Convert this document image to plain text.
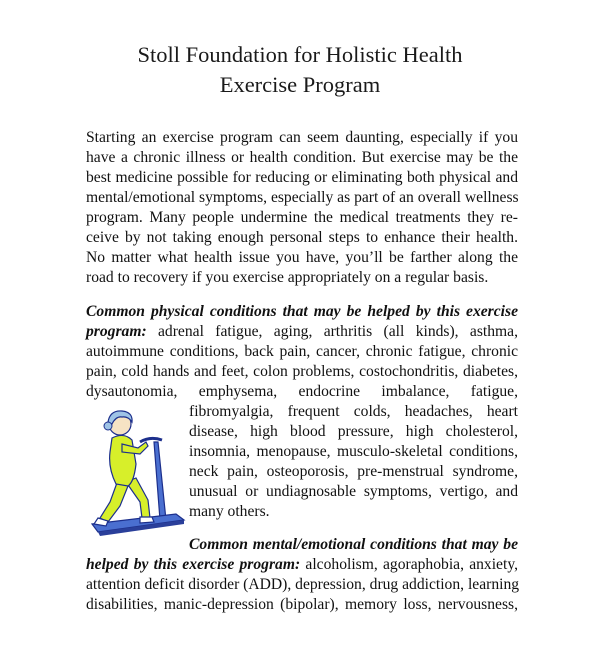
Stoll Foundation for Holistic Health
Exercise Program
Starting an exercise program can seem daunting, especially if you
have a chronic illness or health condition. But exercise may be the
best medicine possible for reducing or eliminating both physical and
mental/emotional symptoms, especially as part of an overall wellness
program. Many people undermine the medical treatments they re-
ceive by not taking enough personal steps to enhance their health.
No matter what health issue you have, you’ll be farther along the
road to recovery if you exercise appropriately on a regular basis.
Common physical conditions that may be helped by this exercise
program: adrenal fatigue, aging, arthritis (all kinds), asthma,
autoimmune conditions, back pain, cancer, chronic fatigue, chronic
pain, cold hands and feet, colon problems, costochondritis, diabetes,
dysautonomia, emphysema, endocrine imbalance, fatigue,
fibromyalgia, frequent colds, headaches, heart
disease, high blood pressure, high cholesterol,
insomnia, menopause, musculo-skeletal conditions,
neck pain, osteoporosis, pre-menstrual syndrome,
unusual or undiagnosable symptoms, vertigo, and
many others.
Common mental/emotional conditions that may be
helped by this exercise program: alcoholism, agoraphobia, anxiety,
attention deficit disorder (ADD), depression, drug addiction, learning
disabilities, manic-depression (bipolar), memory loss, nervousness,
